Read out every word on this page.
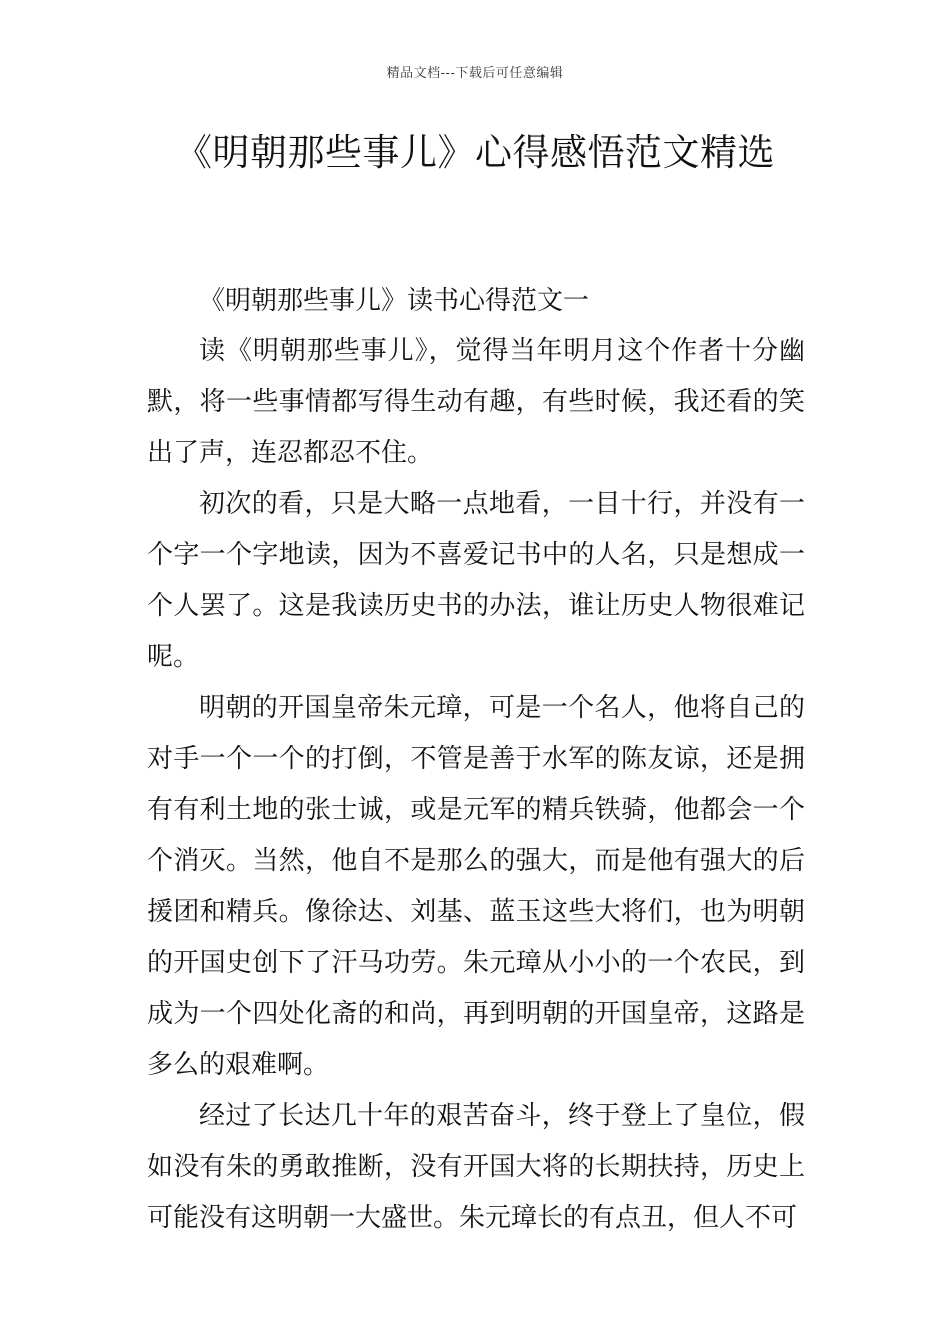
精品文档---下载后可任意编辑
《明朝那些事儿》心得感悟范文精选
《明朝那些事儿》读书心得范文一

读《明朝那些事儿》，觉得当年明月这个作者十分幽默，将一些事情都写得生动有趣，有些时候，我还看的笑出了声，连忍都忍不住。

初次的看，只是大略一点地看，一目十行，并没有一个字一个字地读，因为不喜爱记书中的人名，只是想成一个人罢了。这是我读历史书的办法，谁让历史人物很难记呢。

明朝的开国皇帝朱元璋，可是一个名人，他将自己的对手一个一个的打倒，不管是善于水军的陈友谅，还是拥有有利土地的张士诚，或是元军的精兵铁骑，他都会一个个消灭。当然，他自不是那么的强大，而是他有强大的后援团和精兵。像徐达、刘基、蓝玉这些大将们，也为明朝的开国史创下了汗马功劳。朱元璋从小小的一个农民，到成为一个四处化斋的和尚，再到明朝的开国皇帝，这路是多么的艰难啊。

经过了长达几十年的艰苦奋斗，终于登上了皇位，假如没有朱的勇敢推断，没有开国大将的长期扶持，历史上可能没有这明朝一大盛世。朱元璋长的有点丑，但人不可
